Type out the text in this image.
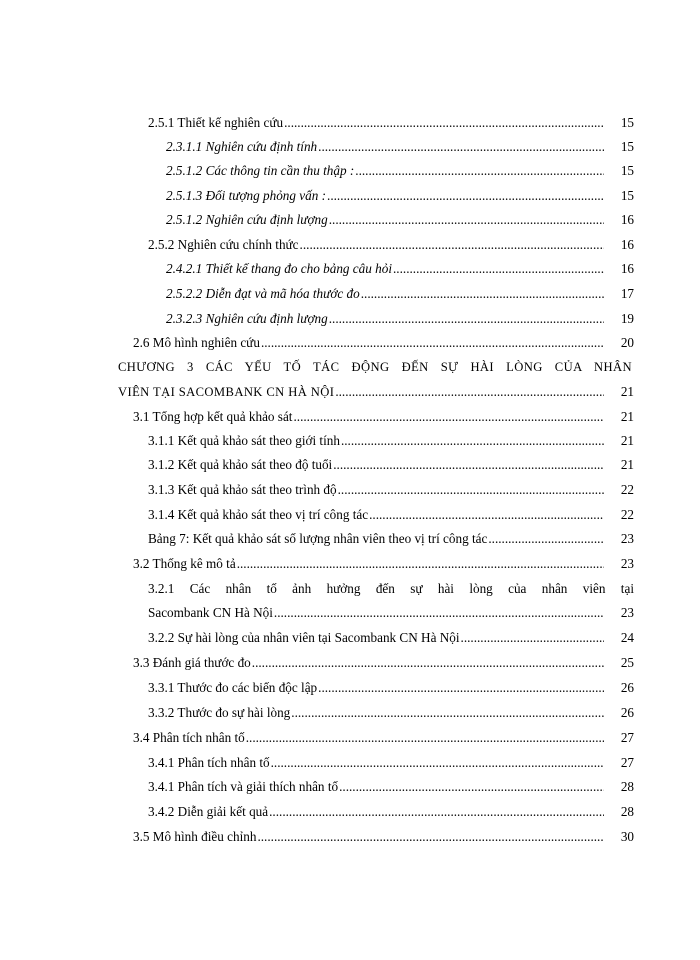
2.5.1 Thiết kế nghiên cứu .....	15
2.3.1.1 Nghiên cứu định tính .....	15
2.5.1.2 Các thông tin cần thu thập : .....	15
2.5.1.3 Đối tượng phỏng vấn : .....	15
2.5.1.2 Nghiên cứu định lượng .....	16
2.5.2 Nghiên cứu chính thức .....	16
2.4.2.1 Thiết kế thang đo cho bảng câu hỏi .....	16
2.5.2.2 Diễn đạt và mã hóa thước đo .....	17
2.3.2.3 Nghiên cứu định lượng .....	19
2.6 Mô hình nghiên cứu .....	20
CHƯƠNG 3 CÁC YẾU TỐ TÁC ĐỘNG ĐẾN SỰ HÀI LÒNG CỦA NHÂN
VIÊN TẠI SACOMBANK CN HÀ NỘI .....	21
3.1 Tổng hợp kết quả khảo sát .....	21
3.1.1 Kết quả khảo sát theo giới tính .....	21
3.1.2 Kết quả khảo sát theo độ tuổi .....	21
3.1.3 Kết quả khảo sát theo trình độ .....	22
3.1.4 Kết quả khảo sát theo vị trí công tác .....	22
Bảng 7: Kết quả khảo sát số lượng nhân viên theo vị trí công tác .....	23
3.2 Thống kê mô tả .....	23
3.2.1 Các nhân tố ảnh hưởng đến sự hài lòng của nhân viên tại
Sacombank CN Hà Nội .....	23
3.2.2 Sự hài lòng của nhân viên tại Sacombank CN Hà Nội .....	24
3.3 Đánh giá thước đo .....	25
3.3.1 Thước đo các biến độc lập .....	26
3.3.2 Thước đo sự hài lòng .....	26
3.4 Phân tích nhân tố .....	27
3.4.1 Phân tích nhân tố .....	27
3.4.1 Phân tích và giải thích nhân tố .....	28
3.4.2 Diễn giải kết quả .....	28
3.5 Mô hình điều chỉnh .....	30
